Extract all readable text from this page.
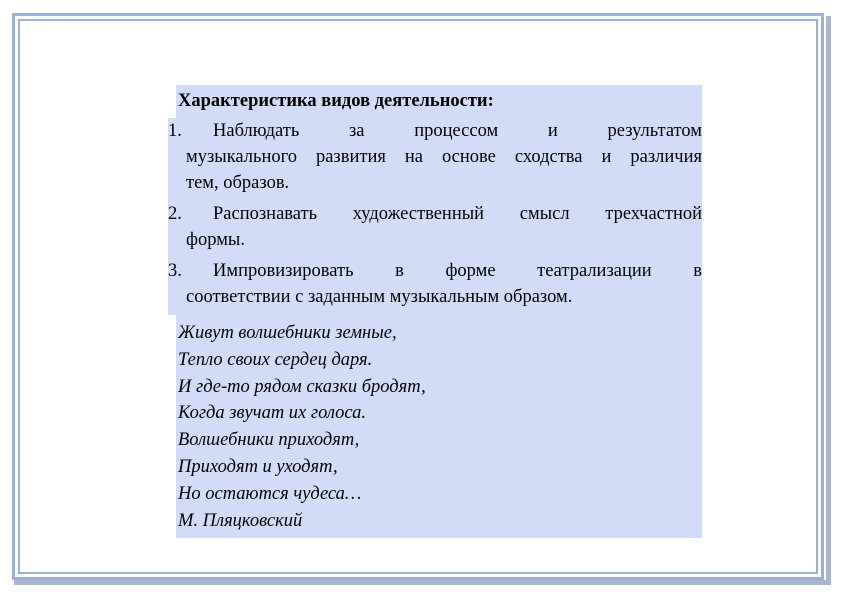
Характеристика видов деятельности:
1.	Наблюдать за процессом и результатом
музыкального развития на основе сходства и различия
тем, образов.
2.	Распознавать художественный смысл трехчастной
формы.
3.	Импровизировать в форме театрализации в
соответствии с заданным музыкальным образом.
Живут волшебники земные,
Тепло своих сердец даря.
И где-то рядом сказки бродят,
Когда звучат их голоса.
Волшебники приходят,
Приходят и уходят,
Но остаются чудеса…
М. Пляцковский
